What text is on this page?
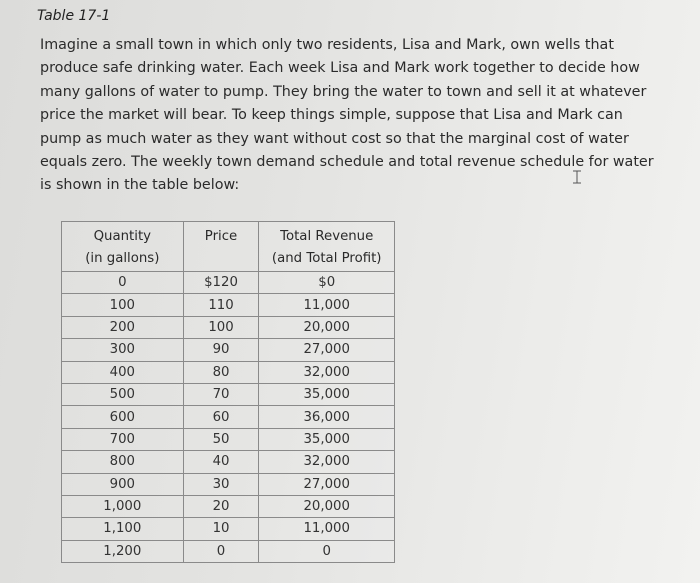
Table 17-1
Imagine a small town in which only two residents, Lisa and Mark, own wells that
produce safe drinking water. Each week Lisa and Mark work together to decide how
many gallons of water to pump. They bring the water to town and sell it at whatever
price the market will bear. To keep things simple, suppose that Lisa and Mark can
pump as much water as they want without cost so that the marginal cost of water
equals zero. The weekly town demand schedule and total revenue schedule for water
is shown in the table below:
Quantity
(in gallons)	Price	Total Revenue
(and Total Profit)

0	$120	$0
100	110	11,000
200	100	20,000
300	90	27,000
400	80	32,000
500	70	35,000
600	60	36,000
700	50	35,000
800	40	32,000
900	30	27,000
1,000	20	20,000
1,100	10	11,000
1,200	0	0
